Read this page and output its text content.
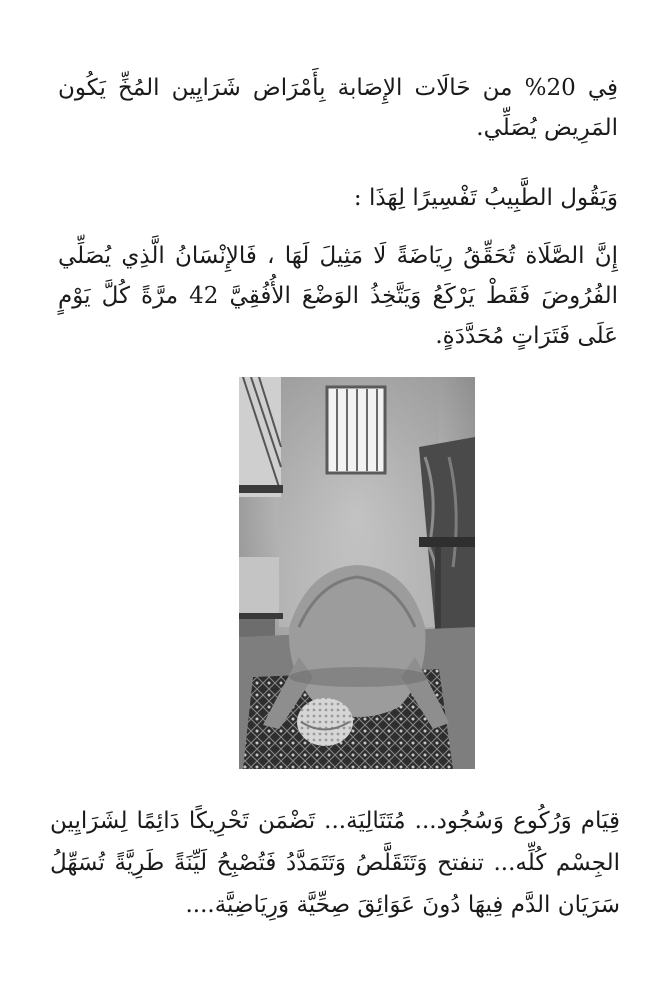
فِي 20% من حَالَات الإِصَابة بِأَمْرَاض شَرَايِين المُخِّ يَكُون المَرِيض يُصَلِّي.

وَيَقُول الطَّبِيبُ تَفْسِيرًا لِهَذَا :

إِنَّ الصَّلَاة تُحَقِّقُ رِيَاضَةً لَا مَثِيلَ لَهَا ، فَالإِنْسَانُ الَّذِي يُصَلِّي الفُرُوضَ فَقَطْ يَرْكَعُ وَيَتَّخِذُ الوَضْعَ الأُفُقِيَّ 42 مرَّةً كُلَّ يَوْمٍ عَلَى فَتَرَاتٍ مُحَدَّدَةٍ.

قِيَام وَرُكُوع وَسُجُود... مُتَتَالِيَة... تَضْمَن تَحْرِيكًا دَائِمًا لِشَرَايِين الجِسْم كُلِّه... تنفتح وَتَتَقَلَّصُ وَتَتَمَدَّدُ فَتُصْبِحُ لَيِّنَةً طَرِيَّةً تُسَهِّلُ سَرَيَان الدَّم فِيهَا دُونَ عَوَائِقَ صِحِّيَّة وَرِيَاضِيَّة....
